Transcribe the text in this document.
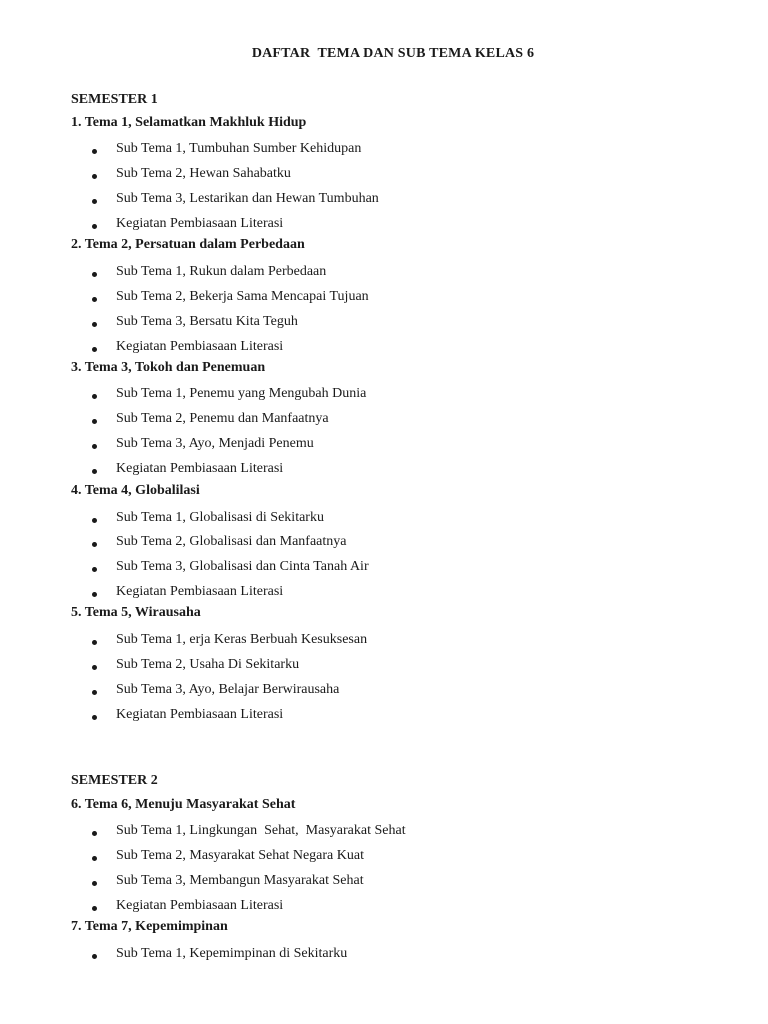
DAFTAR  TEMA DAN SUB TEMA KELAS 6
SEMESTER 1
1. Tema 1, Selamatkan Makhluk Hidup
Sub Tema 1, Tumbuhan Sumber Kehidupan
Sub Tema 2, Hewan Sahabatku
Sub Tema 3, Lestarikan dan Hewan Tumbuhan
Kegiatan Pembiasaan Literasi
2. Tema 2, Persatuan dalam Perbedaan
Sub Tema 1, Rukun dalam Perbedaan
Sub Tema 2, Bekerja Sama Mencapai Tujuan
Sub Tema 3, Bersatu Kita Teguh
Kegiatan Pembiasaan Literasi
3. Tema 3, Tokoh dan Penemuan
Sub Tema 1, Penemu yang Mengubah Dunia
Sub Tema 2, Penemu dan Manfaatnya
Sub Tema 3, Ayo, Menjadi Penemu
Kegiatan Pembiasaan Literasi
4. Tema 4, Globalilasi
Sub Tema 1, Globalisasi di Sekitarku
Sub Tema 2, Globalisasi dan Manfaatnya
Sub Tema 3, Globalisasi dan Cinta Tanah Air
Kegiatan Pembiasaan Literasi
5. Tema 5, Wirausaha
Sub Tema 1, erja Keras Berbuah Kesuksesan
Sub Tema 2, Usaha Di Sekitarku
Sub Tema 3, Ayo, Belajar Berwirausaha
Kegiatan Pembiasaan Literasi
SEMESTER 2
6. Tema 6, Menuju Masyarakat Sehat
Sub Tema 1, Lingkungan  Sehat,  Masyarakat Sehat
Sub Tema 2, Masyarakat Sehat Negara Kuat
Sub Tema 3, Membangun Masyarakat Sehat
Kegiatan Pembiasaan Literasi
7. Tema 7, Kepemimpinan
Sub Tema 1, Kepemimpinan di Sekitarku
